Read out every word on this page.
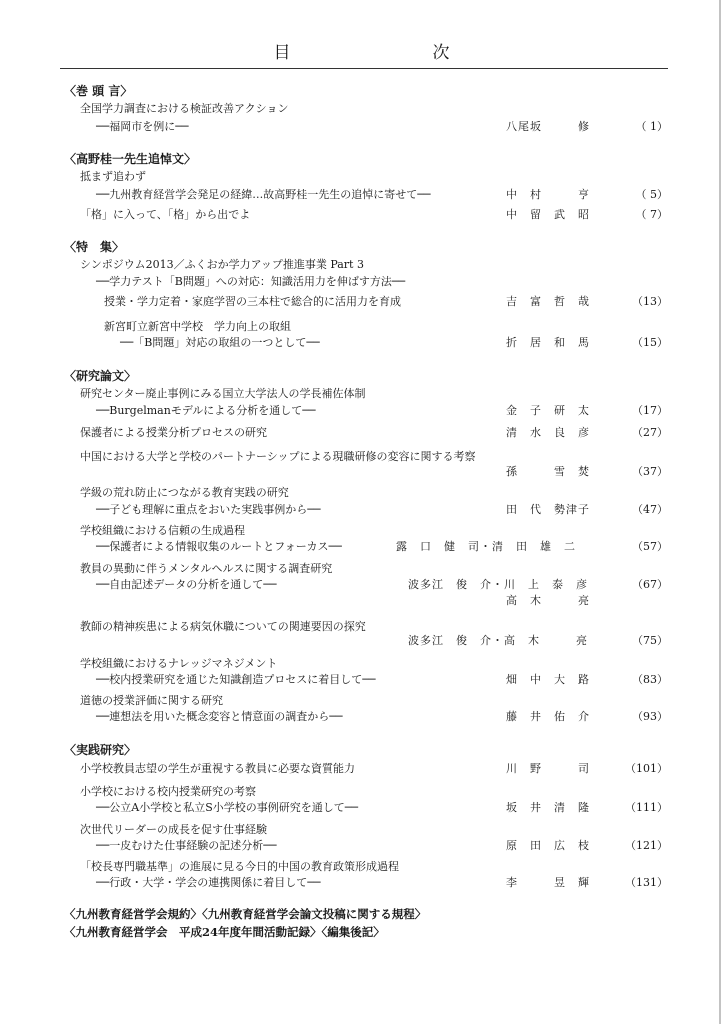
目　　次
〈巻 頭 言〉
全国学力調査における検証改善アクション
──福岡市を例に──	八尾坂　　　修	（ 1）
〈高野桂一先生追悼文〉
抵まず追わず
──九州教育経営学会発足の経緯…故高野桂一先生の追悼に寄せて──	中　村　　　亨	（ 5）
「格」に入って、「格」から出でよ	中　留　武　昭	（ 7）
〈特　集〉
シンポジウム2013／ふくおか学力アップ推進事業 Part 3
──学力テスト「B問題」への対応：知識活用力を伸ばす方法──
授業・学力定着・家庭学習の三本柱で総合的に活用力を育成	吉　富　哲　哉	（13）
新宮町立新宮中学校　学力向上の取組
──「B問題」対応の取組の一つとして──	折　居　和　馬	（15）
〈研究論文〉
研究センター廃止事例にみる国立大学法人の学長補佐体制
──Burgelmanモデルによる分析を通して──	金　子　研　太	（17）
保護者による授業分析プロセスの研究	清　水　良　彦	（27）
中国における大学と学校のパートナーシップによる現職研修の変容に関する考察
孫　　　雪　焚	（37）
学級の荒れ防止につながる教育実践の研究
──子ども理解に重点をおいた実践事例から──	田　代　勢津子	（47）
学校組織における信頼の生成過程
──保護者による情報収集のルートとフォーカス──	露　口　健　司・清　田　雄　二	（57）
教員の異動に伴うメンタルヘルスに関する調査研究
──自由記述データの分析を通して──	波多江　俊　介・川　上　泰　彦	（67）
高　木　　　亮
教師の精神疾患による病気休職についての関連要因の探究
波多江　俊　介・高　木　　　亮	（75）
学校組織におけるナレッジマネジメント
──校内授業研究を通じた知識創造プロセスに着目して──	畑　中　大　路	（83）
道徳の授業評価に関する研究
──連想法を用いた概念変容と情意面の調査から──	藤　井　佑　介	（93）
〈実践研究〉
小学校教員志望の学生が重視する教員に必要な資質能力	川　野　　　司	（101）
小学校における校内授業研究の考察
──公立A小学校と私立S小学校の事例研究を通して──	坂　井　清　隆	（111）
次世代リーダーの成長を促す仕事経験
──一皮むけた仕事経験の記述分析──	原　田　広　枝	（121）
「校長専門職基準」の進展に見る今日的中国の教育政策形成過程
──行政・大学・学会の連携関係に着目して──	李　　　昱　輝	（131）
〈九州教育経営学会規約〉〈九州教育経営学会論文投稿に関する規程〉
〈九州教育経営学会　平成24年度年間活動記録〉〈編集後記〉
